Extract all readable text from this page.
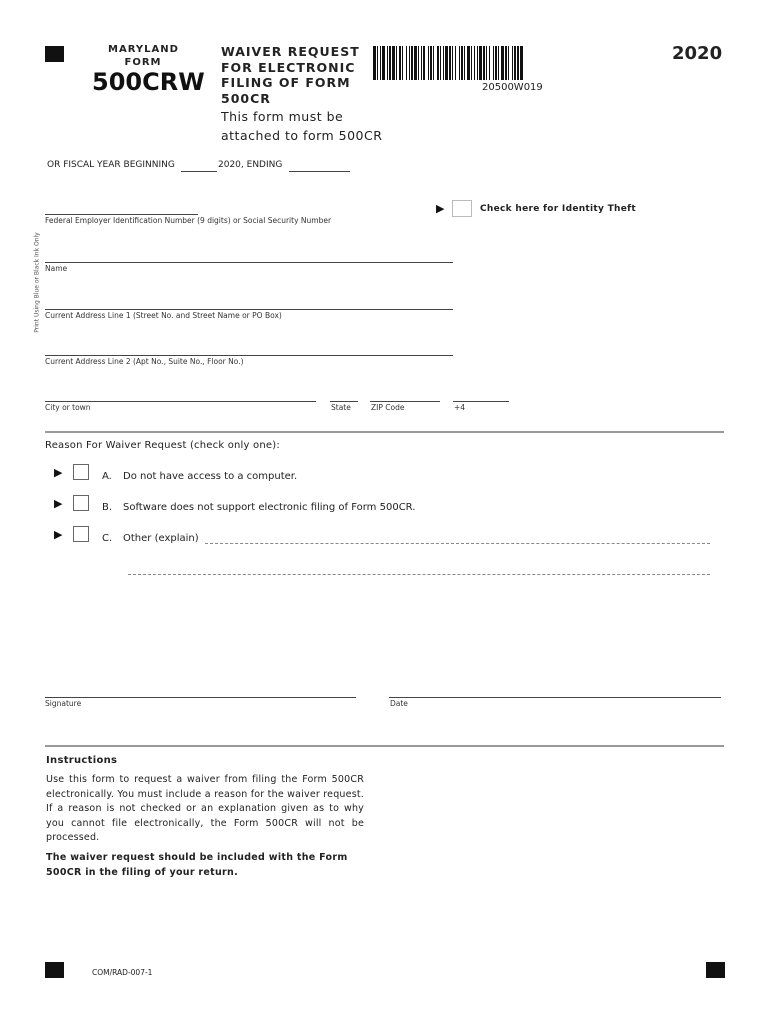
MARYLAND
FORM
500CRW
WAIVER REQUEST
FOR ELECTRONIC
FILING OF FORM
500CR
This form must be
attached to form 500CR
20500W019
2020
OR FISCAL YEAR BEGINNING	2020, ENDING
▶	Check here for Identity Theft
Print Using Blue or Black Ink Only
Federal Employer Identification Number (9 digits) or Social Security Number
Name
Current Address Line 1 (Street No. and Street Name or PO Box)
Current Address Line 2 (Apt No., Suite No., Floor No.)
City or town	State	ZIP Code	+4
Reason For Waiver Request (check only one):
▶	A. Do not have access to a computer.
▶	B. Software does not support electronic filing of Form 500CR.
▶	C. Other (explain)
Signature	Date
Instructions
Use this form to request a waiver from filing the Form 500CR electronically. You must include a reason for the waiver request. If a reason is not checked or an explanation given as to why you cannot file electronically, the Form 500CR will not be processed.
The waiver request should be included with the Form 500CR in the filing of your return.
COM/RAD-007-1
